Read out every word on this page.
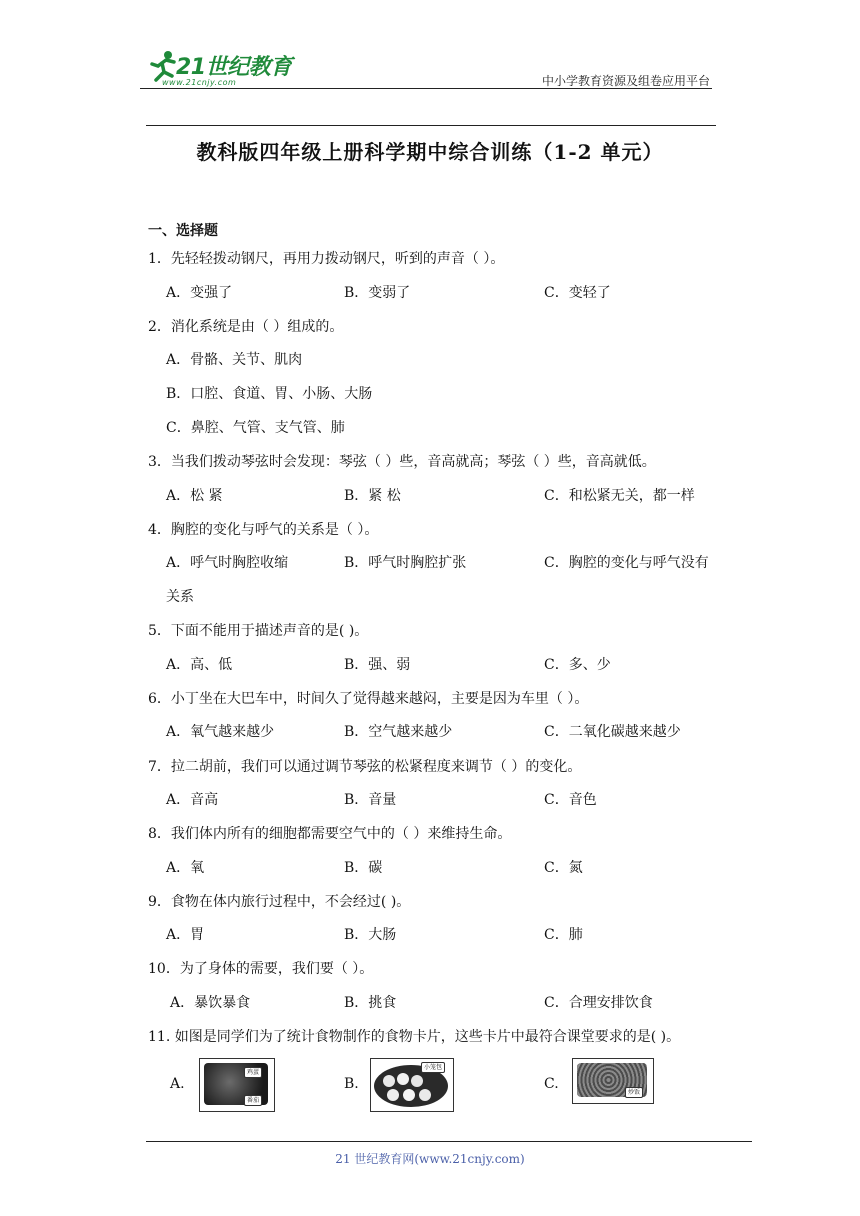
21世纪教育
www.21cnjy.com	中小学教育资源及组卷应用平台
教科版四年级上册科学期中综合训练（1-2 单元）
一、选择题
1．先轻轻拨动钢尺，再用力拨动钢尺，听到的声音（ ）。
A．变强了	B．变弱了	C．变轻了
2．消化系统是由（ ）组成的。
A．骨骼、关节、肌肉
B．口腔、食道、胃、小肠、大肠
C．鼻腔、气管、支气管、肺
3．当我们拨动琴弦时会发现：琴弦（ ）些，音高就高；琴弦（ ）些，音高就低。
A．松 紧	B．紧 松	C．和松紧无关，都一样
4．胸腔的变化与呼气的关系是（ ）。
A．呼气时胸腔收缩	B．呼气时胸腔扩张	C．胸腔的变化与呼气没有
关系
5．下面不能用于描述声音的是( )。
A．高、低	B．强、弱	C．多、少
6．小丁坐在大巴车中，时间久了觉得越来越闷，主要是因为车里（ ）。
A．氧气越来越少	B．空气越来越少	C．二氧化碳越来越少
7．拉二胡前，我们可以通过调节琴弦的松紧程度来调节（ ）的变化。
A．音高	B．音量	C．音色
8．我们体内所有的细胞都需要空气中的（ ）来维持生命。
A．氧	B．碳	C．氮
9．食物在体内旅行过程中，不会经过( )。
A．胃	B．大肠	C．肺
10．为了身体的需要，我们要（ ）。
A．暴饮暴食	B．挑食	C．合理安排饮食
11. 如图是同学们为了统计食物制作的食物卡片，这些卡片中最符合课堂要求的是( )。
A.	B.	C.
鸡蛋
番茄
小笼包
炒饭
21 世纪教育网(www.21cnjy.com)
